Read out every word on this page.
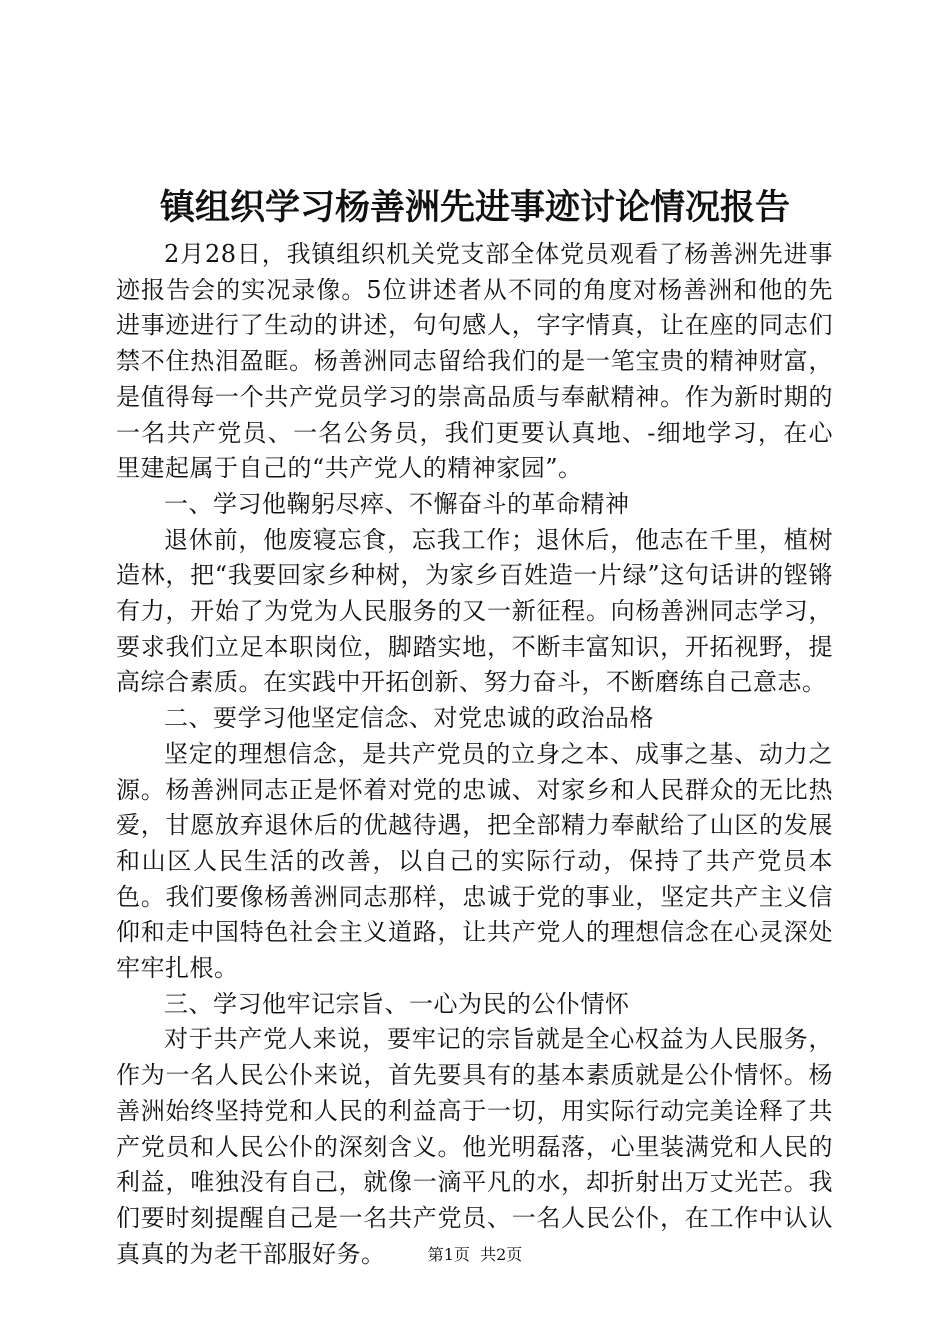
镇组织学习杨善洲先进事迹讨论情况报告

2月28日，我镇组织机关党支部全体党员观看了杨善洲先进事迹报告会的实况录像。5位讲述者从不同的角度对杨善洲和他的先进事迹进行了生动的讲述，句句感人，字字情真，让在座的同志们禁不住热泪盈眶。杨善洲同志留给我们的是一笔宝贵的精神财富，是值得每一个共产党员学习的崇高品质与奉献精神。作为新时期的一名共产党员、一名公务员，我们更要认真地、-细地学习，在心里建起属于自己的“共产党人的精神家园”。

一、学习他鞠躬尽瘁、不懈奋斗的革命精神

退休前，他废寝忘食，忘我工作；退休后，他志在千里，植树造林，把“我要回家乡种树，为家乡百姓造一片绿”这句话讲的铿锵有力，开始了为党为人民服务的又一新征程。向杨善洲同志学习，要求我们立足本职岗位，脚踏实地，不断丰富知识，开拓视野，提高综合素质。在实践中开拓创新、努力奋斗，不断磨练自己意志。

二、要学习他坚定信念、对党忠诚的政治品格

坚定的理想信念，是共产党员的立身之本、成事之基、动力之源。杨善洲同志正是怀着对党的忠诚、对家乡和人民群众的无比热爱，甘愿放弃退休后的优越待遇，把全部精力奉献给了山区的发展和山区人民生活的改善，以自己的实际行动，保持了共产党员本色。我们要像杨善洲同志那样，忠诚于党的事业，坚定共产主义信仰和走中国特色社会主义道路，让共产党人的理想信念在心灵深处牢牢扎根。

三、学习他牢记宗旨、一心为民的公仆情怀

对于共产党人来说，要牢记的宗旨就是全心权益为人民服务，作为一名人民公仆来说，首先要具有的基本素质就是公仆情怀。杨善洲始终坚持党和人民的利益高于一切，用实际行动完美诠释了共产党员和人民公仆的深刻含义。他光明磊落，心里装满党和人民的利益，唯独没有自己，就像一滴平凡的水，却折射出万丈光芒。我们要时刻提醒自己是一名共产党员、一名人民公仆，在工作中认认真真的为老干部服好务。	第1页  共2页
